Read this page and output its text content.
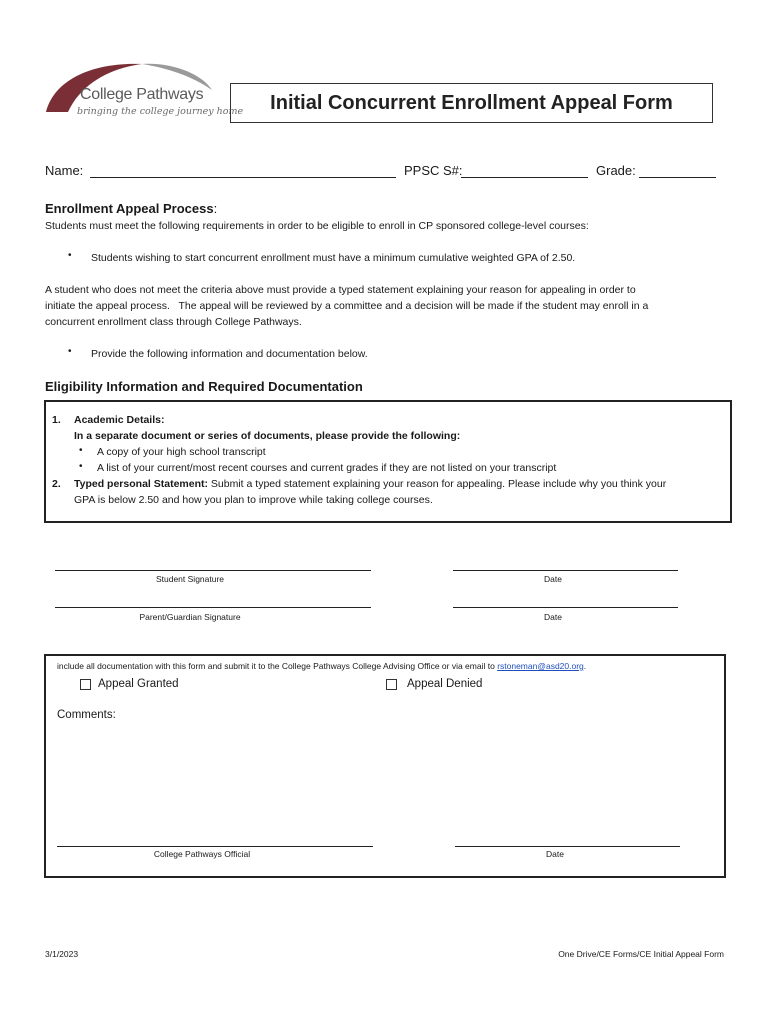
College Pathways
bringing the college journey home	Initial Concurrent Enrollment Appeal Form
Name:	PPSC S#:	Grade:
Enrollment Appeal Process:
Students must meet the following requirements in order to be eligible to enroll in CP sponsored college-level courses:
• Students wishing to start concurrent enrollment must have a minimum cumulative weighted GPA of 2.50.
A student who does not meet the criteria above must provide a typed statement explaining your reason for appealing in order to
initiate the appeal process.   The appeal will be reviewed by a committee and a decision will be made if the student may enroll in a
concurrent enrollment class through College Pathways.
• Provide the following information and documentation below.
Eligibility Information and Required Documentation
1. Academic Details:
In a separate document or series of documents, please provide the following:
• A copy of your high school transcript
• A list of your current/most recent courses and current grades if they are not listed on your transcript
2. Typed personal Statement: Submit a typed statement explaining your reason for appealing. Please include why you think your
GPA is below 2.50 and how you plan to improve while taking college courses.
Student Signature	Date
Parent/Guardian Signature	Date
include all documentation with this form and submit it to the College Pathways College Advising Office or via email to rstoneman@asd20.org.
Appeal Granted	Appeal Denied
Comments:
College Pathways Official	Date
3/1/2023	One Drive/CE Forms/CE Initial Appeal Form
